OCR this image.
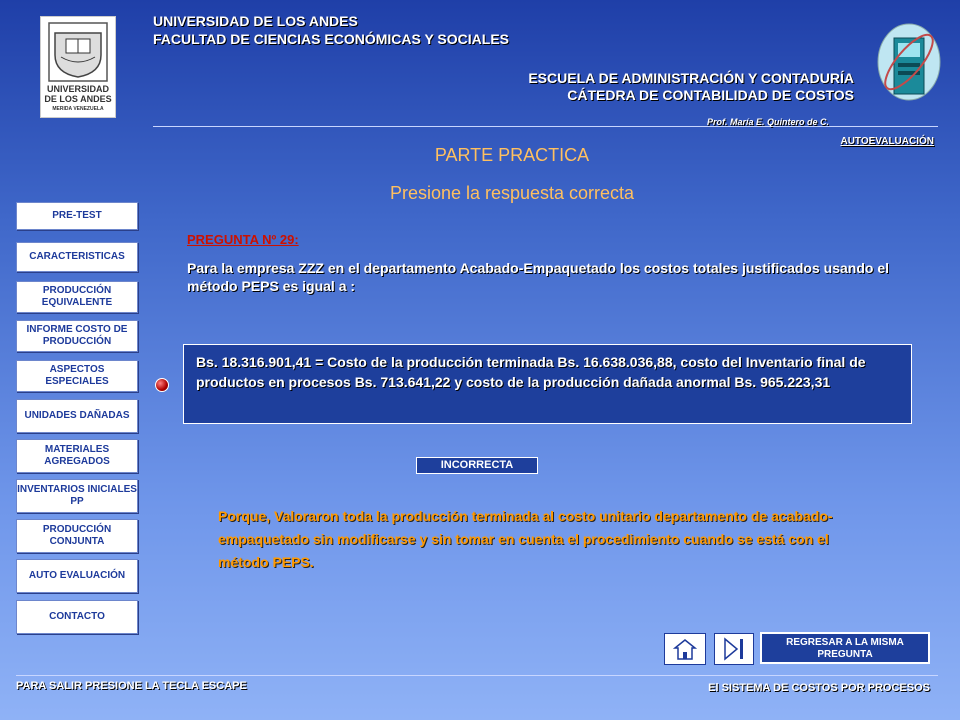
UNIVERSIDAD
DE LOS ANDES
MERIDA VENEZUELA
UNIVERSIDAD DE LOS ANDES
FACULTAD DE CIENCIAS ECONÓMICAS Y SOCIALES
ESCUELA DE ADMINISTRACIÓN Y CONTADURÍA
CÁTEDRA DE CONTABILIDAD DE COSTOS
Prof. María E. Quintero de C.
AUTOEVALUACIÓN
PARTE PRACTICA
Presione la respuesta correcta
PRE-TEST
CARACTERISTICAS
PRODUCCIÓN EQUIVALENTE
INFORME COSTO DE PRODUCCIÓN
ASPECTOS ESPECIALES
UNIDADES DAÑADAS
MATERIALES AGREGADOS
INVENTARIOS INICIALES PP
PRODUCCIÓN CONJUNTA
AUTO EVALUACIÓN
CONTACTO
PREGUNTA Nº 29:
Para la empresa ZZZ en el departamento Acabado-Empaquetado los costos totales justificados usando el método PEPS es igual a :
Bs. 18.316.901,41 = Costo de la producción terminada Bs. 16.638.036,88, costo del Inventario final de productos en procesos Bs. 713.641,22 y costo de la producción dañada anormal Bs. 965.223,31
INCORRECTA
Porque, Valoraron toda la producción terminada al costo unitario departamento de acabado-empaquetado sin modificarse y sin tomar en cuenta el procedimiento cuando se está con el método PEPS.
REGRESAR A LA MISMA PREGUNTA
PARA SALIR PRESIONE LA TECLA ESCAPE	El SISTEMA DE COSTOS POR PROCESOS
